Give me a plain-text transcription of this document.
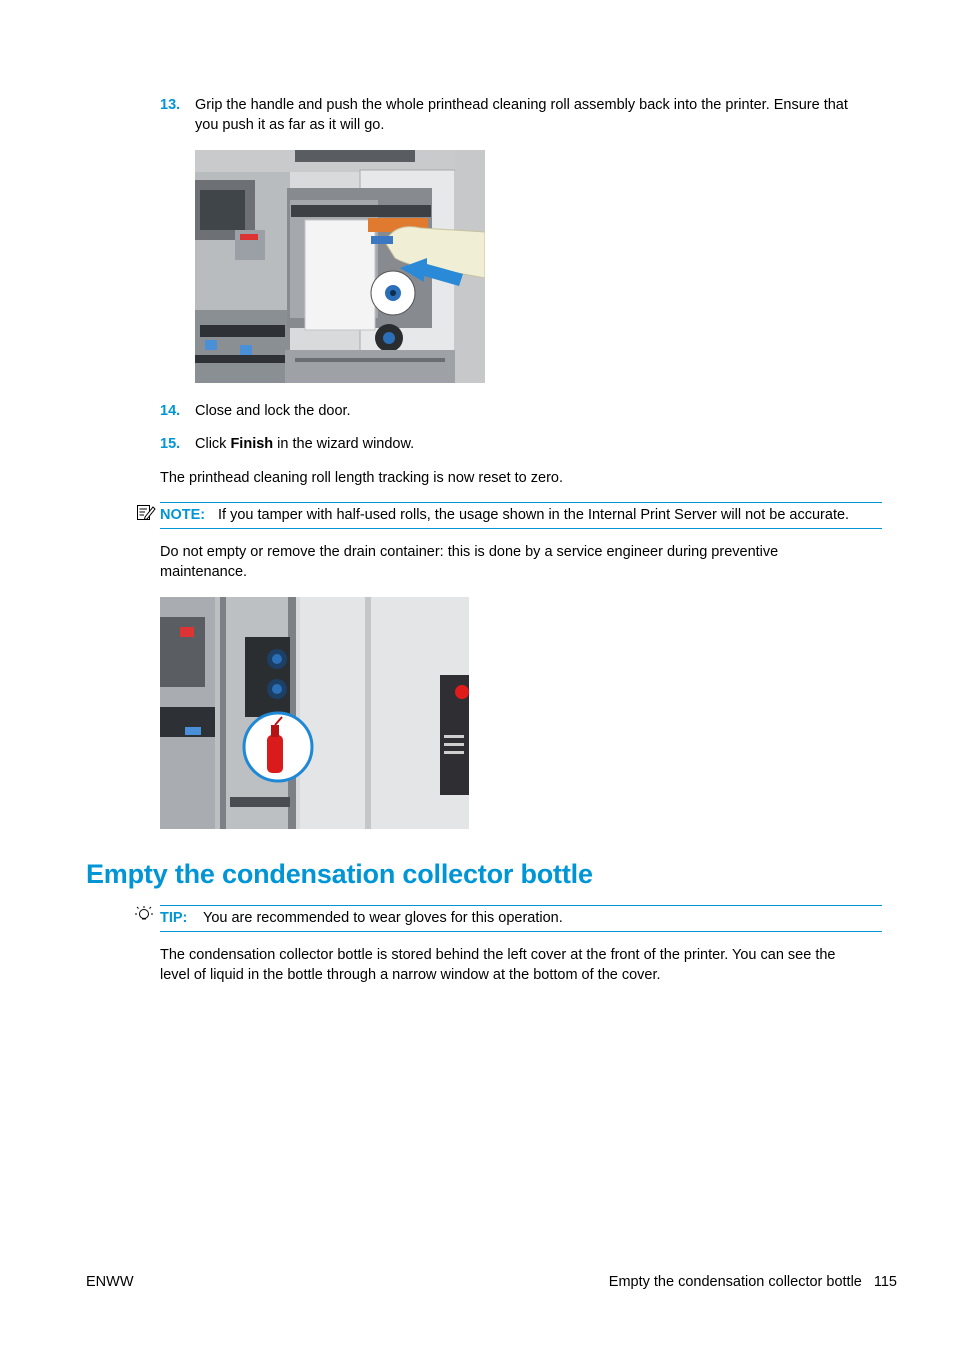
13. Grip the handle and push the whole printhead cleaning roll assembly back into the printer. Ensure that
you push it as far as it will go.
14. Close and lock the door.
15. Click Finish in the wizard window.
The printhead cleaning roll length tracking is now reset to zero.
NOTE: If you tamper with half-used rolls, the usage shown in the Internal Print Server will not be accurate.
Do not empty or remove the drain container: this is done by a service engineer during preventive
maintenance.
Empty the condensation collector bottle
TIP: You are recommended to wear gloves for this operation.
The condensation collector bottle is stored behind the left cover at the front of the printer. You can see the
level of liquid in the bottle through a narrow window at the bottom of the cover.
ENWW	Empty the condensation collector bottle 115
